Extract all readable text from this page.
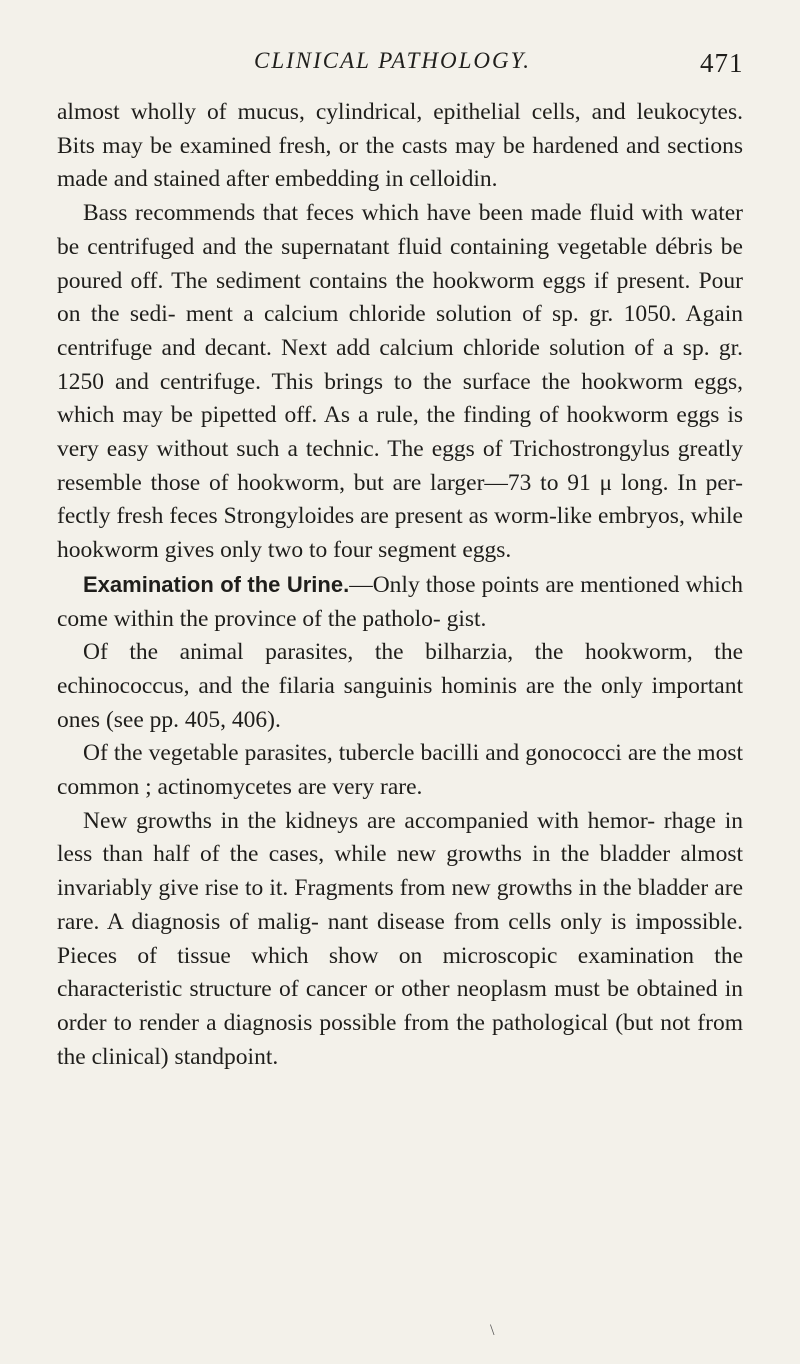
CLINICAL PATHOLOGY.	471

almost wholly of mucus, cylindrical, epithelial cells, and leukocytes. Bits may be examined fresh, or the casts may be hardened and sections made and stained after embedding in celloidin.

Bass recommends that feces which have been made fluid with water be centrifuged and the supernatant fluid containing vegetable débris be poured off. The sediment contains the hookworm eggs if present. Pour on the sedi- ment a calcium chloride solution of sp. gr. 1050. Again centrifuge and decant. Next add calcium chloride solution of a sp. gr. 1250 and centrifuge. This brings to the surface the hookworm eggs, which may be pipetted off. As a rule, the finding of hookworm eggs is very easy without such a technic. The eggs of Trichostrongylus greatly resemble those of hookworm, but are larger—73 to 91 μ long. In per- fectly fresh feces Strongyloides are present as worm-like embryos, while hookworm gives only two to four segment eggs.

Examination of the Urine.—Only those points are mentioned which come within the province of the patholo- gist.

Of the animal parasites, the bilharzia, the hookworm, the echinococcus, and the filaria sanguinis hominis are the only important ones (see pp. 405, 406).

Of the vegetable parasites, tubercle bacilli and gonococci are the most common ; actinomycetes are very rare.

New growths in the kidneys are accompanied with hemor- rhage in less than half of the cases, while new growths in the bladder almost invariably give rise to it. Fragments from new growths in the bladder are rare. A diagnosis of malig- nant disease from cells only is impossible. Pieces of tissue which show on microscopic examination the characteristic structure of cancer or other neoplasm must be obtained in order to render a diagnosis possible from the pathological (but not from the clinical) standpoint.

\
